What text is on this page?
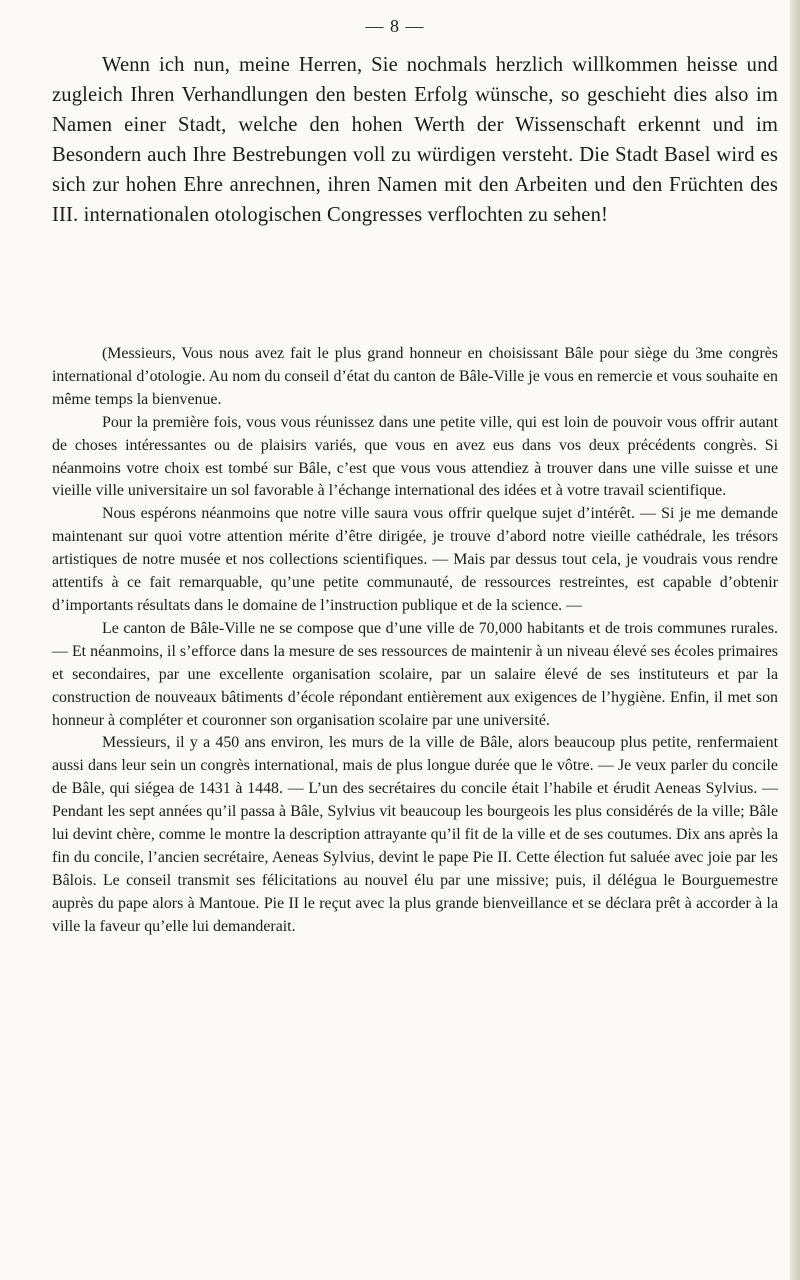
— 8 —

Wenn ich nun, meine Herren, Sie nochmals herzlich willkommen heisse und zugleich Ihren Verhandlungen den besten Erfolg wünsche, so geschieht dies also im Namen einer Stadt, welche den hohen Werth der Wissenschaft erkennt und im Besondern auch Ihre Bestrebungen voll zu würdigen versteht. Die Stadt Basel wird es sich zur hohen Ehre anrechnen, ihren Namen mit den Arbeiten und den Früchten des III. internationalen otologischen Congresses verflochten zu sehen!

(Messieurs, Vous nous avez fait le plus grand honneur en choisissant Bâle pour siège du 3me congrès international d’otologie. Au nom du conseil d’état du canton de Bâle-Ville je vous en remercie et vous souhaite en même temps la bienvenue.

Pour la première fois, vous vous réunissez dans une petite ville, qui est loin de pouvoir vous offrir autant de choses intéressantes ou de plaisirs variés, que vous en avez eus dans vos deux précédents congrès. Si néanmoins votre choix est tombé sur Bâle, c’est que vous vous attendiez à trouver dans une ville suisse et une vieille ville universitaire un sol favorable à l’échange international des idées et à votre travail scientifique.

Nous espérons néanmoins que notre ville saura vous offrir quelque sujet d’intérêt. — Si je me demande maintenant sur quoi votre attention mérite d’être dirigée, je trouve d’abord notre vieille cathédrale, les trésors artistiques de notre musée et nos collections scientifiques. — Mais par dessus tout cela, je voudrais vous rendre attentifs à ce fait remarquable, qu’une petite communauté, de ressources restreintes, est capable d’obtenir d’importants résultats dans le domaine de l’instruction publique et de la science. —

Le canton de Bâle-Ville ne se compose que d’une ville de 70,000 habitants et de trois communes rurales. — Et néanmoins, il s’efforce dans la mesure de ses ressources de maintenir à un niveau élevé ses écoles primaires et secondaires, par une excellente organisation scolaire, par un salaire élevé de ses instituteurs et par la construction de nouveaux bâtiments d’école répondant entièrement aux exigences de l’hygiène. Enfin, il met son honneur à compléter et couronner son organisation scolaire par une université.

Messieurs, il y a 450 ans environ, les murs de la ville de Bâle, alors beaucoup plus petite, renfermaient aussi dans leur sein un congrès international, mais de plus longue durée que le vôtre. — Je veux parler du concile de Bâle, qui siégea de 1431 à 1448. — L’un des secrétaires du concile était l’habile et érudit Aeneas Sylvius. — Pendant les sept années qu’il passa à Bâle, Sylvius vit beaucoup les bourgeois les plus considérés de la ville; Bâle lui devint chère, comme le montre la description attrayante qu’il fit de la ville et de ses coutumes. Dix ans après la fin du concile, l’ancien secrétaire, Aeneas Sylvius, devint le pape Pie II. Cette élection fut saluée avec joie par les Bâlois. Le conseil transmit ses félicitations au nouvel élu par une missive; puis, il délégua le Bourguemestre auprès du pape alors à Mantoue. Pie II le reçut avec la plus grande bienveillance et se déclara prêt à accorder à la ville la faveur qu’elle lui demanderait.
